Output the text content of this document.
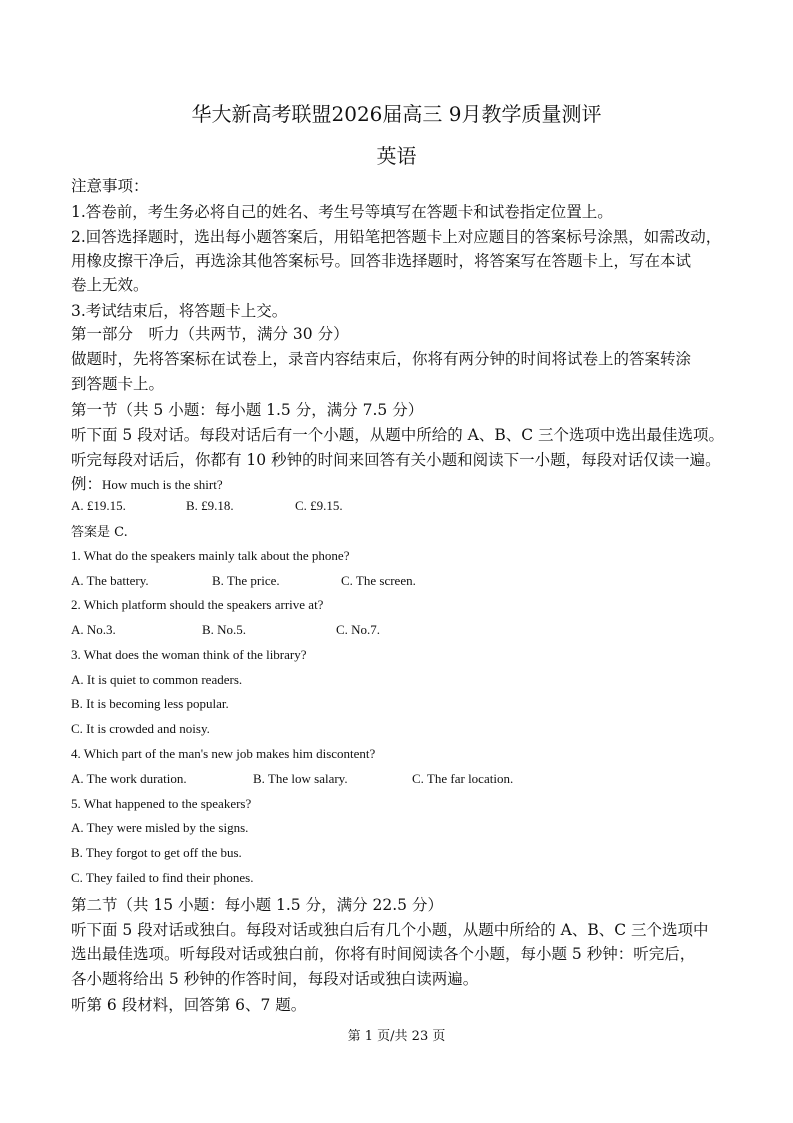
华大新高考联盟2026届高三 9月教学质量测评
英语
注意事项：
1.答卷前，考生务必将自己的姓名、考生号等填写在答题卡和试卷指定位置上。
2.回答选择题时，选出每小题答案后，用铅笔把答题卡上对应题目的答案标号涂黑，如需改动，
用橡皮擦干净后，再选涂其他答案标号。回答非选择题时，将答案写在答题卡上，写在本试
卷上无效。
3.考试结束后，将答题卡上交。
第一部分　听力（共两节，满分 30 分）
做题时，先将答案标在试卷上，录音内容结束后，你将有两分钟的时间将试卷上的答案转涂
到答题卡上。
第一节（共 5 小题：每小题 1.5 分，满分 7.5 分）
听下面 5 段对话。每段对话后有一个小题，从题中所给的 A、B、C 三个选项中选出最佳选项。
听完每段对话后，你都有 10 秒钟的时间来回答有关小题和阅读下一小题，每段对话仅读一遍。
例：How much is the shirt?
A. £19.15.	B. £9.18.	C. £9.15.
答案是 C.
1. What do the speakers mainly talk about the phone?
A. The battery.	B. The price.	C. The screen.
2. Which platform should the speakers arrive at?
A. No.3.	B. No.5.	C. No.7.
3. What does the woman think of the library?
A. It is quiet to common readers.
B. It is becoming less popular.
C. It is crowded and noisy.
4. Which part of the man's new job makes him discontent?
A. The work duration.	B. The low salary.	C. The far location.
5. What happened to the speakers?
A. They were misled by the signs.
B. They forgot to get off the bus.
C. They failed to find their phones.
第二节（共 15 小题：每小题 1.5 分，满分 22.5 分）
听下面 5 段对话或独白。每段对话或独白后有几个小题，从题中所给的 A、B、C 三个选项中
选出最佳选项。听每段对话或独白前，你将有时间阅读各个小题，每小题 5 秒钟：听完后，
各小题将给出 5 秒钟的作答时间，每段对话或独白读两遍。
听第 6 段材料，回答第 6、7 题。
第 1 页/共 23 页
